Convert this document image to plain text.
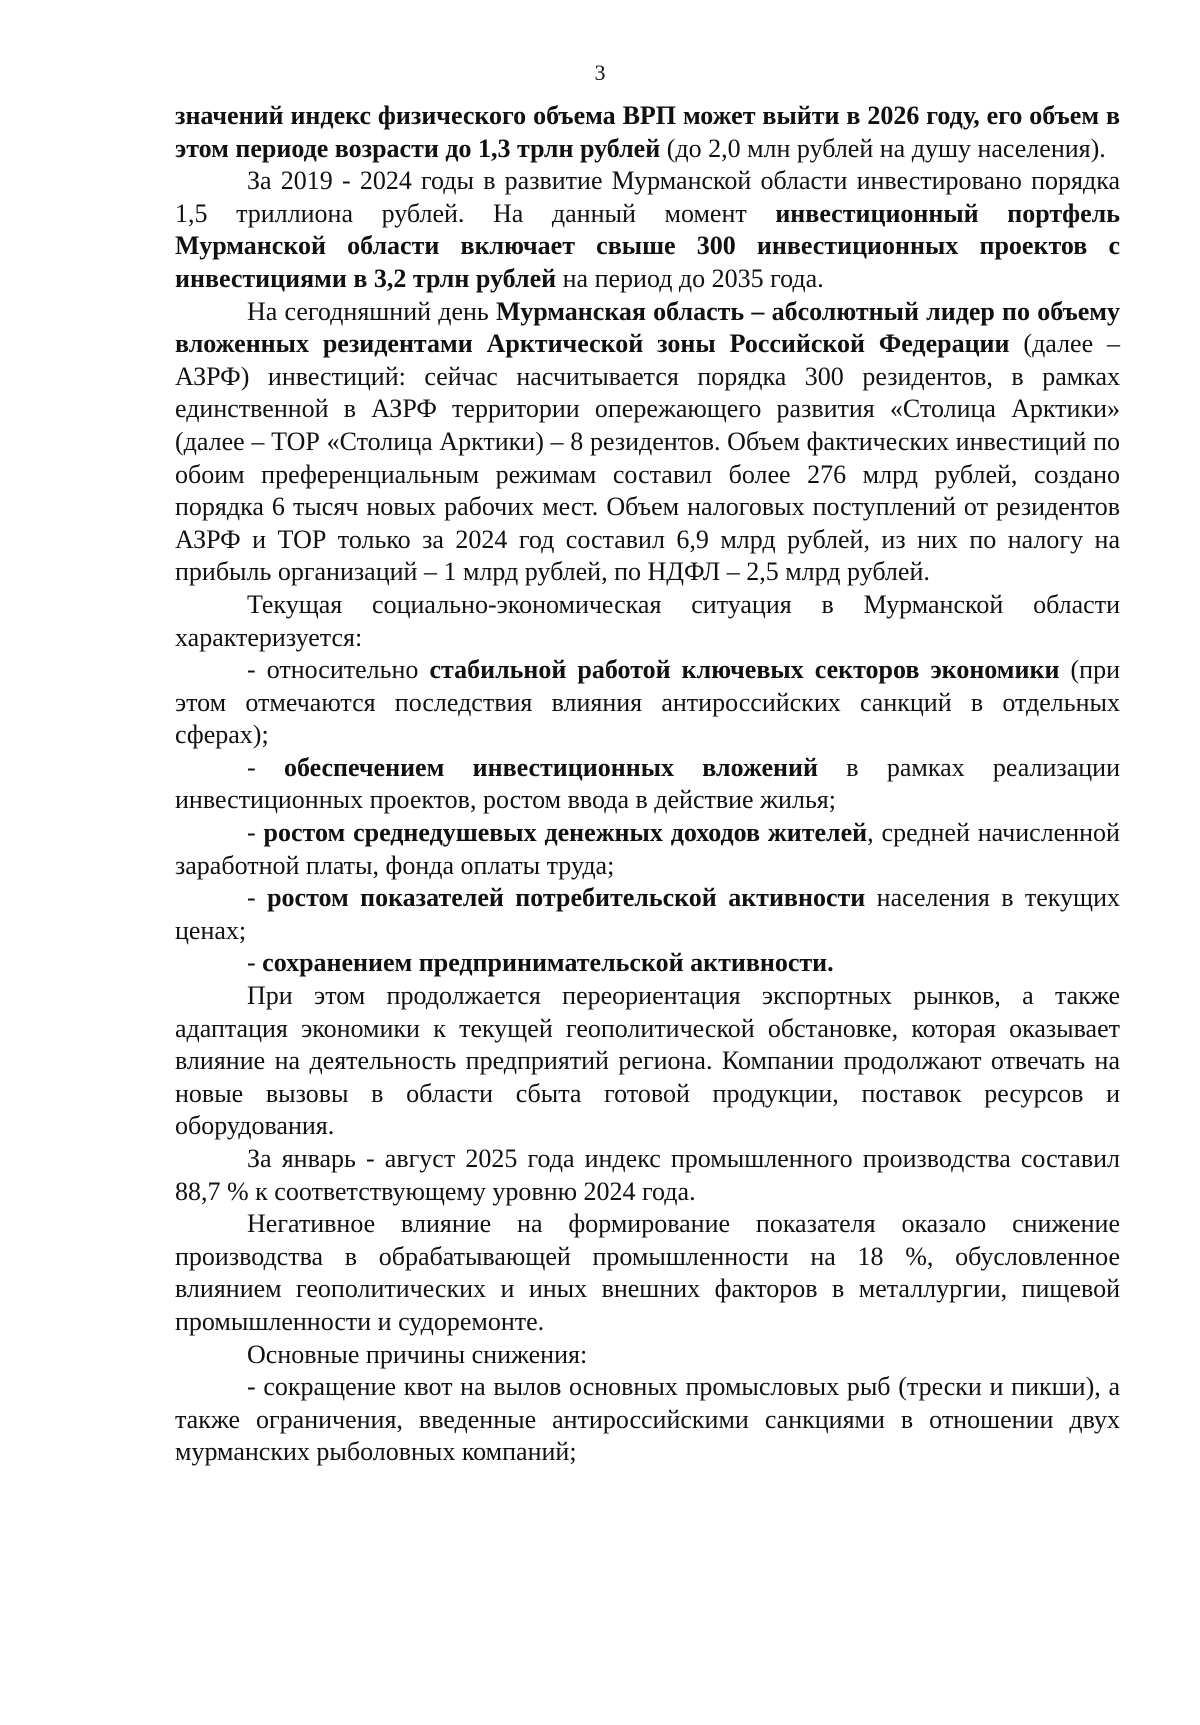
3

значений индекс физического объема ВРП может выйти в 2026 году, его объем в этом периоде возрасти до 1,3 трлн рублей (до 2,0 млн рублей на душу населения).

За 2019 - 2024 годы в развитие Мурманской области инвестировано порядка 1,5 триллиона рублей. На данный момент инвестиционный портфель Мурманской области включает свыше 300 инвестиционных проектов с инвестициями в 3,2 трлн рублей на период до 2035 года.

На сегодняшний день Мурманская область – абсолютный лидер по объему вложенных резидентами Арктической зоны Российской Федерации (далее – АЗРФ) инвестиций: сейчас насчитывается порядка 300 резидентов, в рамках единственной в АЗРФ территории опережающего развития «Столица Арктики» (далее – ТОР «Столица Арктики) – 8 резидентов. Объем фактических инвестиций по обоим преференциальным режимам составил более 276 млрд рублей, создано порядка 6 тысяч новых рабочих мест. Объем налоговых поступлений от резидентов АЗРФ и ТОР только за 2024 год составил 6,9 млрд рублей, из них по налогу на прибыль организаций – 1 млрд рублей, по НДФЛ – 2,5 млрд рублей.

Текущая социально-экономическая ситуация в Мурманской области характеризуется:

- относительно стабильной работой ключевых секторов экономики (при этом отмечаются последствия влияния антироссийских санкций в отдельных сферах);

- обеспечением инвестиционных вложений в рамках реализации инвестиционных проектов, ростом ввода в действие жилья;

- ростом среднедушевых денежных доходов жителей, средней начисленной заработной платы, фонда оплаты труда;

- ростом показателей потребительской активности населения в текущих ценах;

- сохранением предпринимательской активности.

При этом продолжается переориентация экспортных рынков, а также адаптация экономики к текущей геополитической обстановке, которая оказывает влияние на деятельность предприятий региона. Компании продолжают отвечать на новые вызовы в области сбыта готовой продукции, поставок ресурсов и оборудования.

За январь - август 2025 года индекс промышленного производства составил 88,7 % к соответствующему уровню 2024 года.

Негативное влияние на формирование показателя оказало снижение производства в обрабатывающей промышленности на 18 %, обусловленное влиянием геополитических и иных внешних факторов в металлургии, пищевой промышленности и судоремонте.

Основные причины снижения:

- сокращение квот на вылов основных промысловых рыб (трески и пикши), а также ограничения, введенные антироссийскими санкциями в отношении двух мурманских рыболовных компаний;
